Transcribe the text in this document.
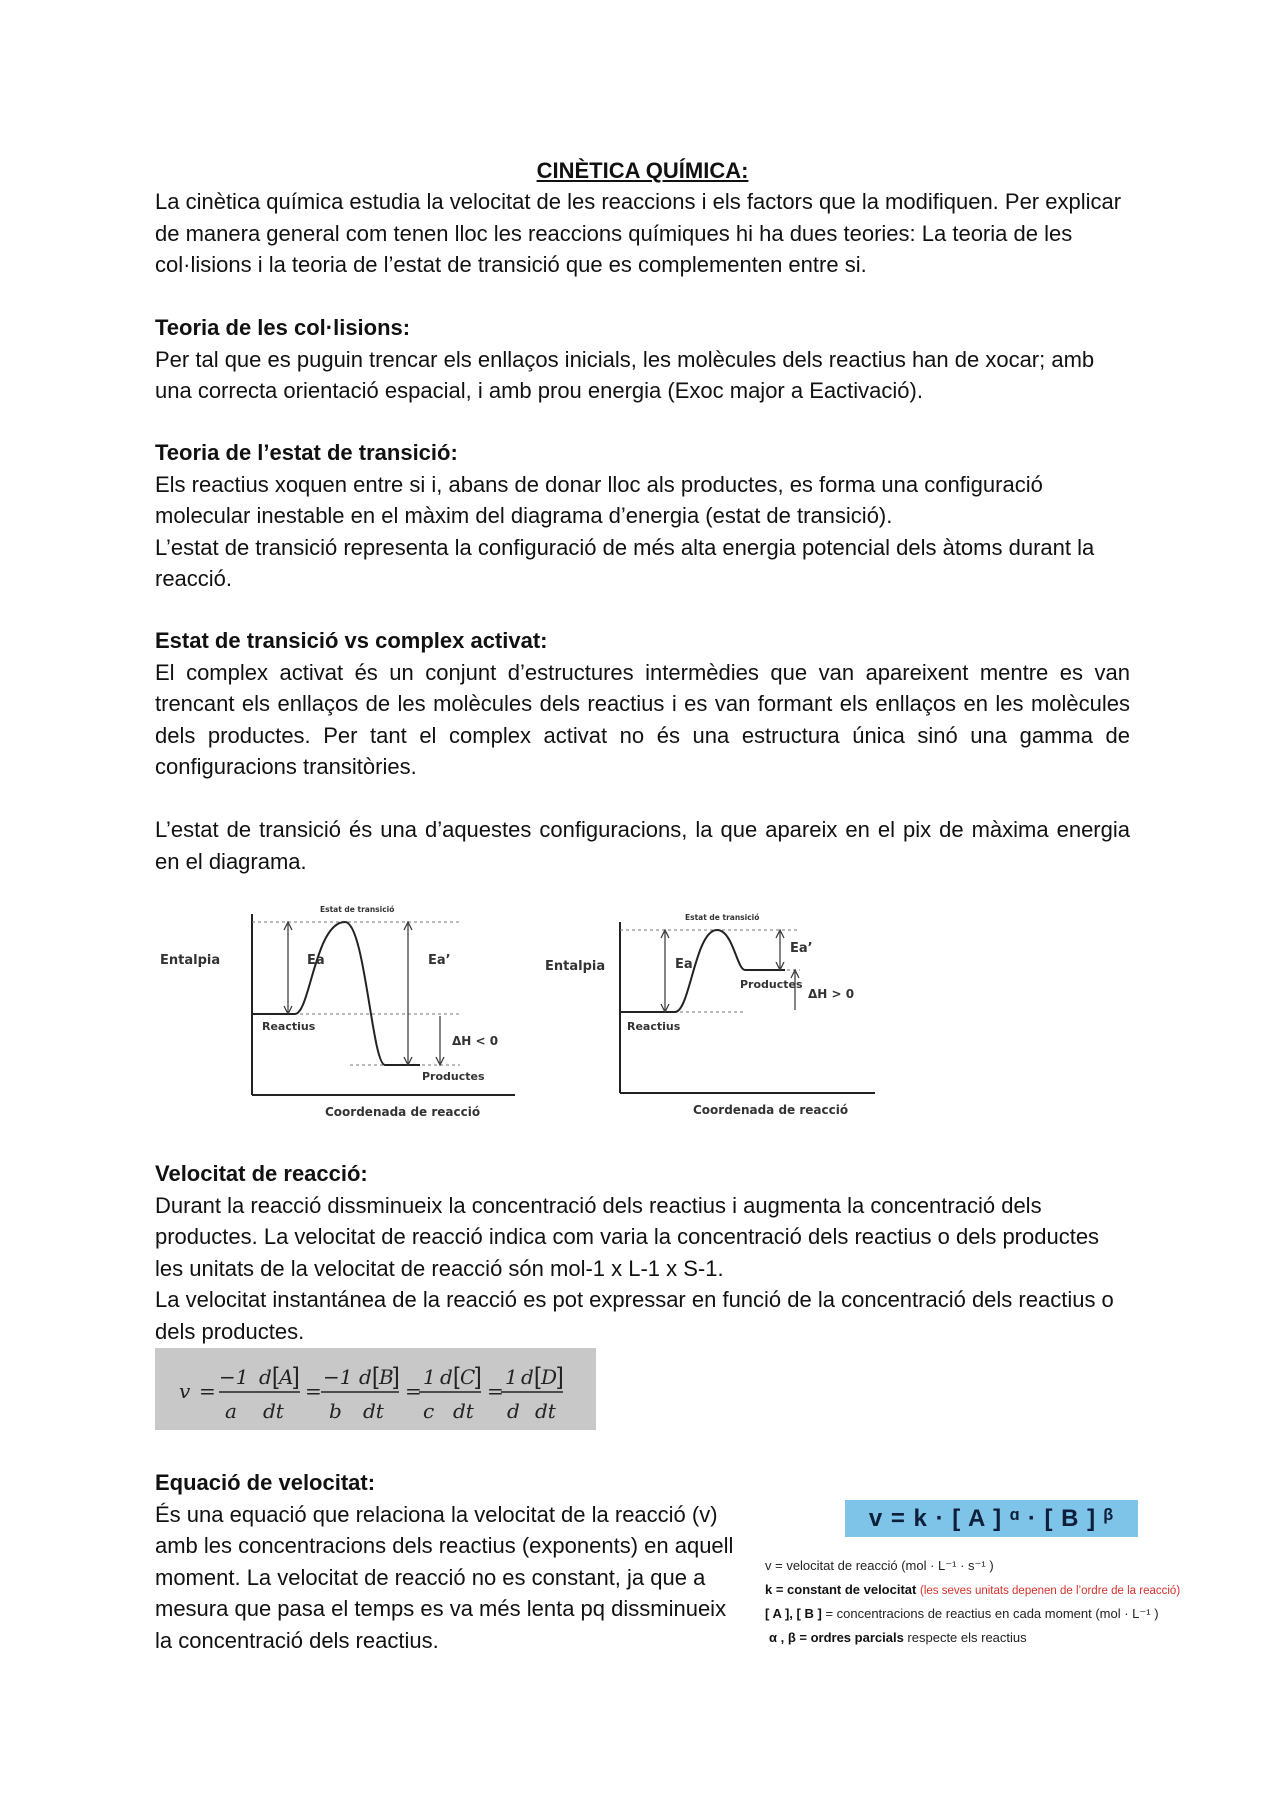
CINÈTICA QUÍMICA:

La cinètica química estudia la velocitat de les reaccions i els factors que la modifiquen. Per explicar de manera general com tenen lloc les reaccions químiques hi ha dues teories: La teoria de les col·lisions i la teoria de l’estat de transició que es complementen entre si.

Teoria de les col·lisions:

Per tal que es puguin trencar els enllaços inicials, les molècules dels reactius han de xocar; amb una correcta orientació espacial, i amb prou energia (Exoc major a Eactivació).

Teoria de l’estat de transició:

Els reactius xoquen entre si i, abans de donar lloc als productes, es forma una configuració molecular inestable en el màxim del diagrama d’energia (estat de transició).

L’estat de transició representa la configuració de més alta energia potencial dels àtoms durant la reacció.

Estat de transició vs complex activat:

El complex activat és un conjunt d’estructures intermèdies que van apareixent mentre es van trencant els enllaços de les molècules dels reactius i es van formant els enllaços en les molècules dels productes. Per tant el complex activat no és una estructura única sinó una gamma de configuracions transitòries.

L’estat de transició és una d’aquestes configuracions, la que apareix en el pix de màxima energia en el diagrama.

Entalpia
Estat de transició
Ea	Ea’
Reactius
ΔH < 0
Productes
Coordenada de reacció
Entalpia
Estat de transició
Ea
Ea’
Productes
ΔH > 0
Reactius
Coordenada de reacció

Velocitat de reacció:

Durant la reacció dissminueix la concentració dels reactius i augmenta la concentració dels productes. La velocitat de reacció indica com varia la concentració dels reactius o dels productes les unitats de la velocitat de reacció són mol-1 x L-1 x S-1.

La velocitat instantánea de la reacció es pot expressar en funció de la concentració dels reactius o dels productes.

v =
−1 d [ A ]
a dt
=
−1 d [ B ]
b dt
=
1 d [ C ]
c dt
=
1 d [ D ]
d dt

Equació de velocitat:

És una equació que relaciona la velocitat de la reacció (v) amb les concentracions dels reactius (exponents) en aquell moment. La velocitat de reacció no es constant, ja que a mesura que pasa el temps es va més lenta pq dissminueix la concentració dels reactius.

v = k · [ A ] ᵅ · [ B ] ᵝ
v = velocitat de reacció (mol · L⁻¹ · s⁻¹ )
k = constant de velocitat (les seves unitats depenen de l’ordre de la reacció)
[ A ], [ B ] = concentracions de reactius en cada moment (mol · L⁻¹ )
α , β = ordres parcials respecte els reactius
